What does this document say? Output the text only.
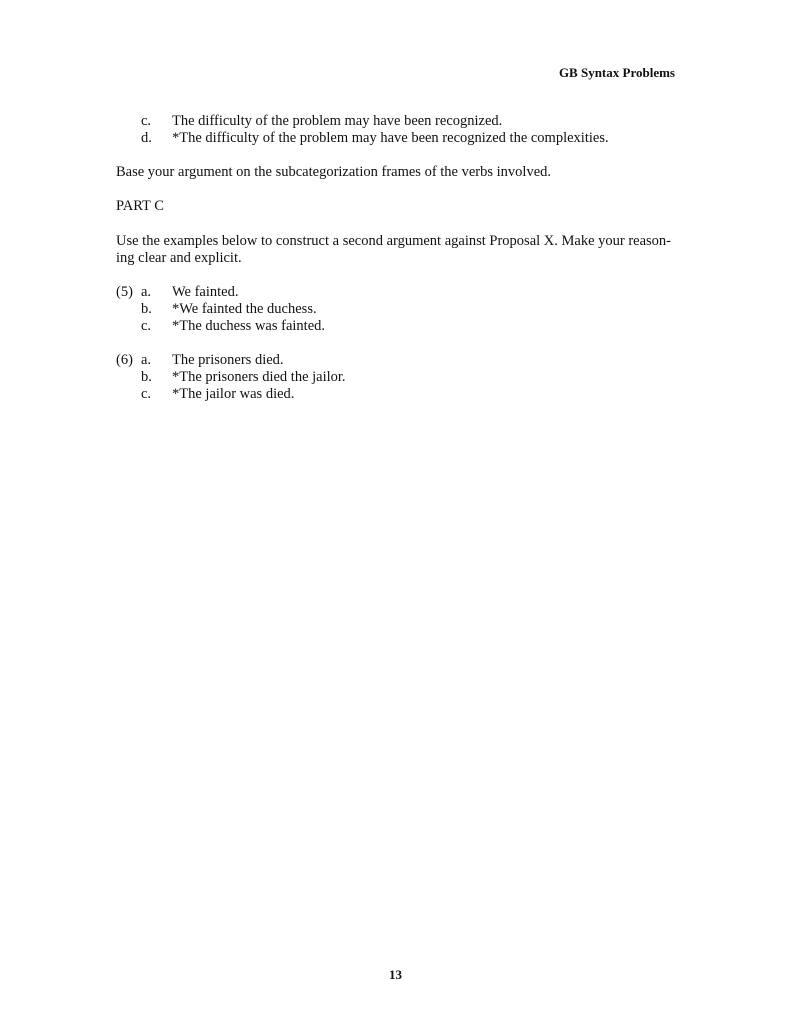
GB Syntax Problems
c.	The difficulty of the problem may have been recognized.
d.	*The difficulty of the problem may have been recognized the complexities.
Base your argument on the subcategorization frames of the verbs involved.
PART C
Use the examples below to construct a second argument against Proposal X. Make your reason-
ing clear and explicit.
(5) a.	We fainted.
b.	*We fainted the duchess.
c.	*The duchess was fainted.
(6) a.	The prisoners died.
b.	*The prisoners died the jailor.
c.	*The jailor was died.
13
